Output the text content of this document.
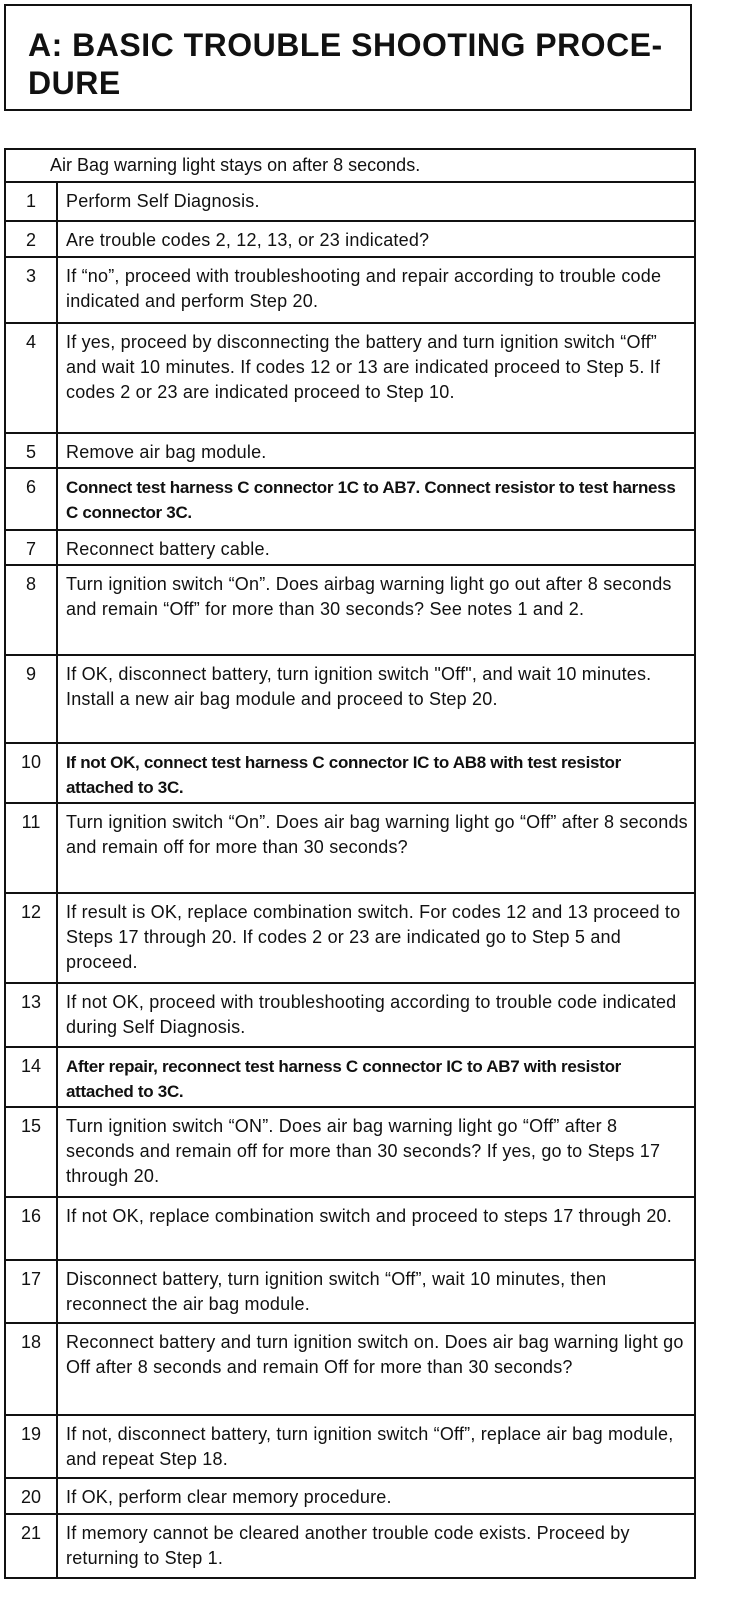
A: BASIC TROUBLE SHOOTING PROCE-
DURE
Air Bag warning light stays on after 8 seconds.
1	Perform Self Diagnosis.
2	Are trouble codes 2, 12, 13, or 23 indicated?
3	If “no”, proceed with troubleshooting and repair according to trouble code indicated and perform Step 20.
4	If yes, proceed by disconnecting the battery and turn ignition switch “Off” and wait 10 minutes. If codes 12 or 13 are indicated proceed to Step 5. If codes 2 or 23 are indicated proceed to Step 10.
5	Remove air bag module.
6	Connect test harness C connector 1C to AB7. Connect resistor to test harness C connector 3C.
7	Reconnect battery cable.
8	Turn ignition switch “On”. Does airbag warning light go out after 8 seconds and remain “Off” for more than 30 seconds? See notes 1 and 2.
9	If OK, disconnect battery, turn ignition switch "Off", and wait 10 minutes. Install a new air bag module and proceed to Step 20.
10	If not OK, connect test harness C connector IC to AB8 with test resistor attached to 3C.
11	Turn ignition switch “On”. Does air bag warning light go “Off” after 8 seconds and remain off for more than 30 seconds?
12	If result is OK, replace combination switch. For codes 12 and 13 proceed to Steps 17 through 20. If codes 2 or 23 are indicated go to Step 5 and proceed.
13	If not OK, proceed with troubleshooting according to trouble code indicated during Self Diagnosis.
14	After repair, reconnect test harness C connector IC to AB7 with resistor attached to 3C.
15	Turn ignition switch “ON”. Does air bag warning light go “Off” after 8 seconds and remain off for more than 30 seconds? If yes, go to Steps 17 through 20.
16	If not OK, replace combination switch and proceed to steps 17 through 20.
17	Disconnect battery, turn ignition switch “Off”, wait 10 minutes, then reconnect the air bag module.
18	Reconnect battery and turn ignition switch on. Does air bag warning light go Off after 8 seconds and remain Off for more than 30 seconds?
19	If not, disconnect battery, turn ignition switch “Off”, replace air bag module, and repeat Step 18.
20	If OK, perform clear memory procedure.
21	If memory cannot be cleared another trouble code exists. Proceed by returning to Step 1.
